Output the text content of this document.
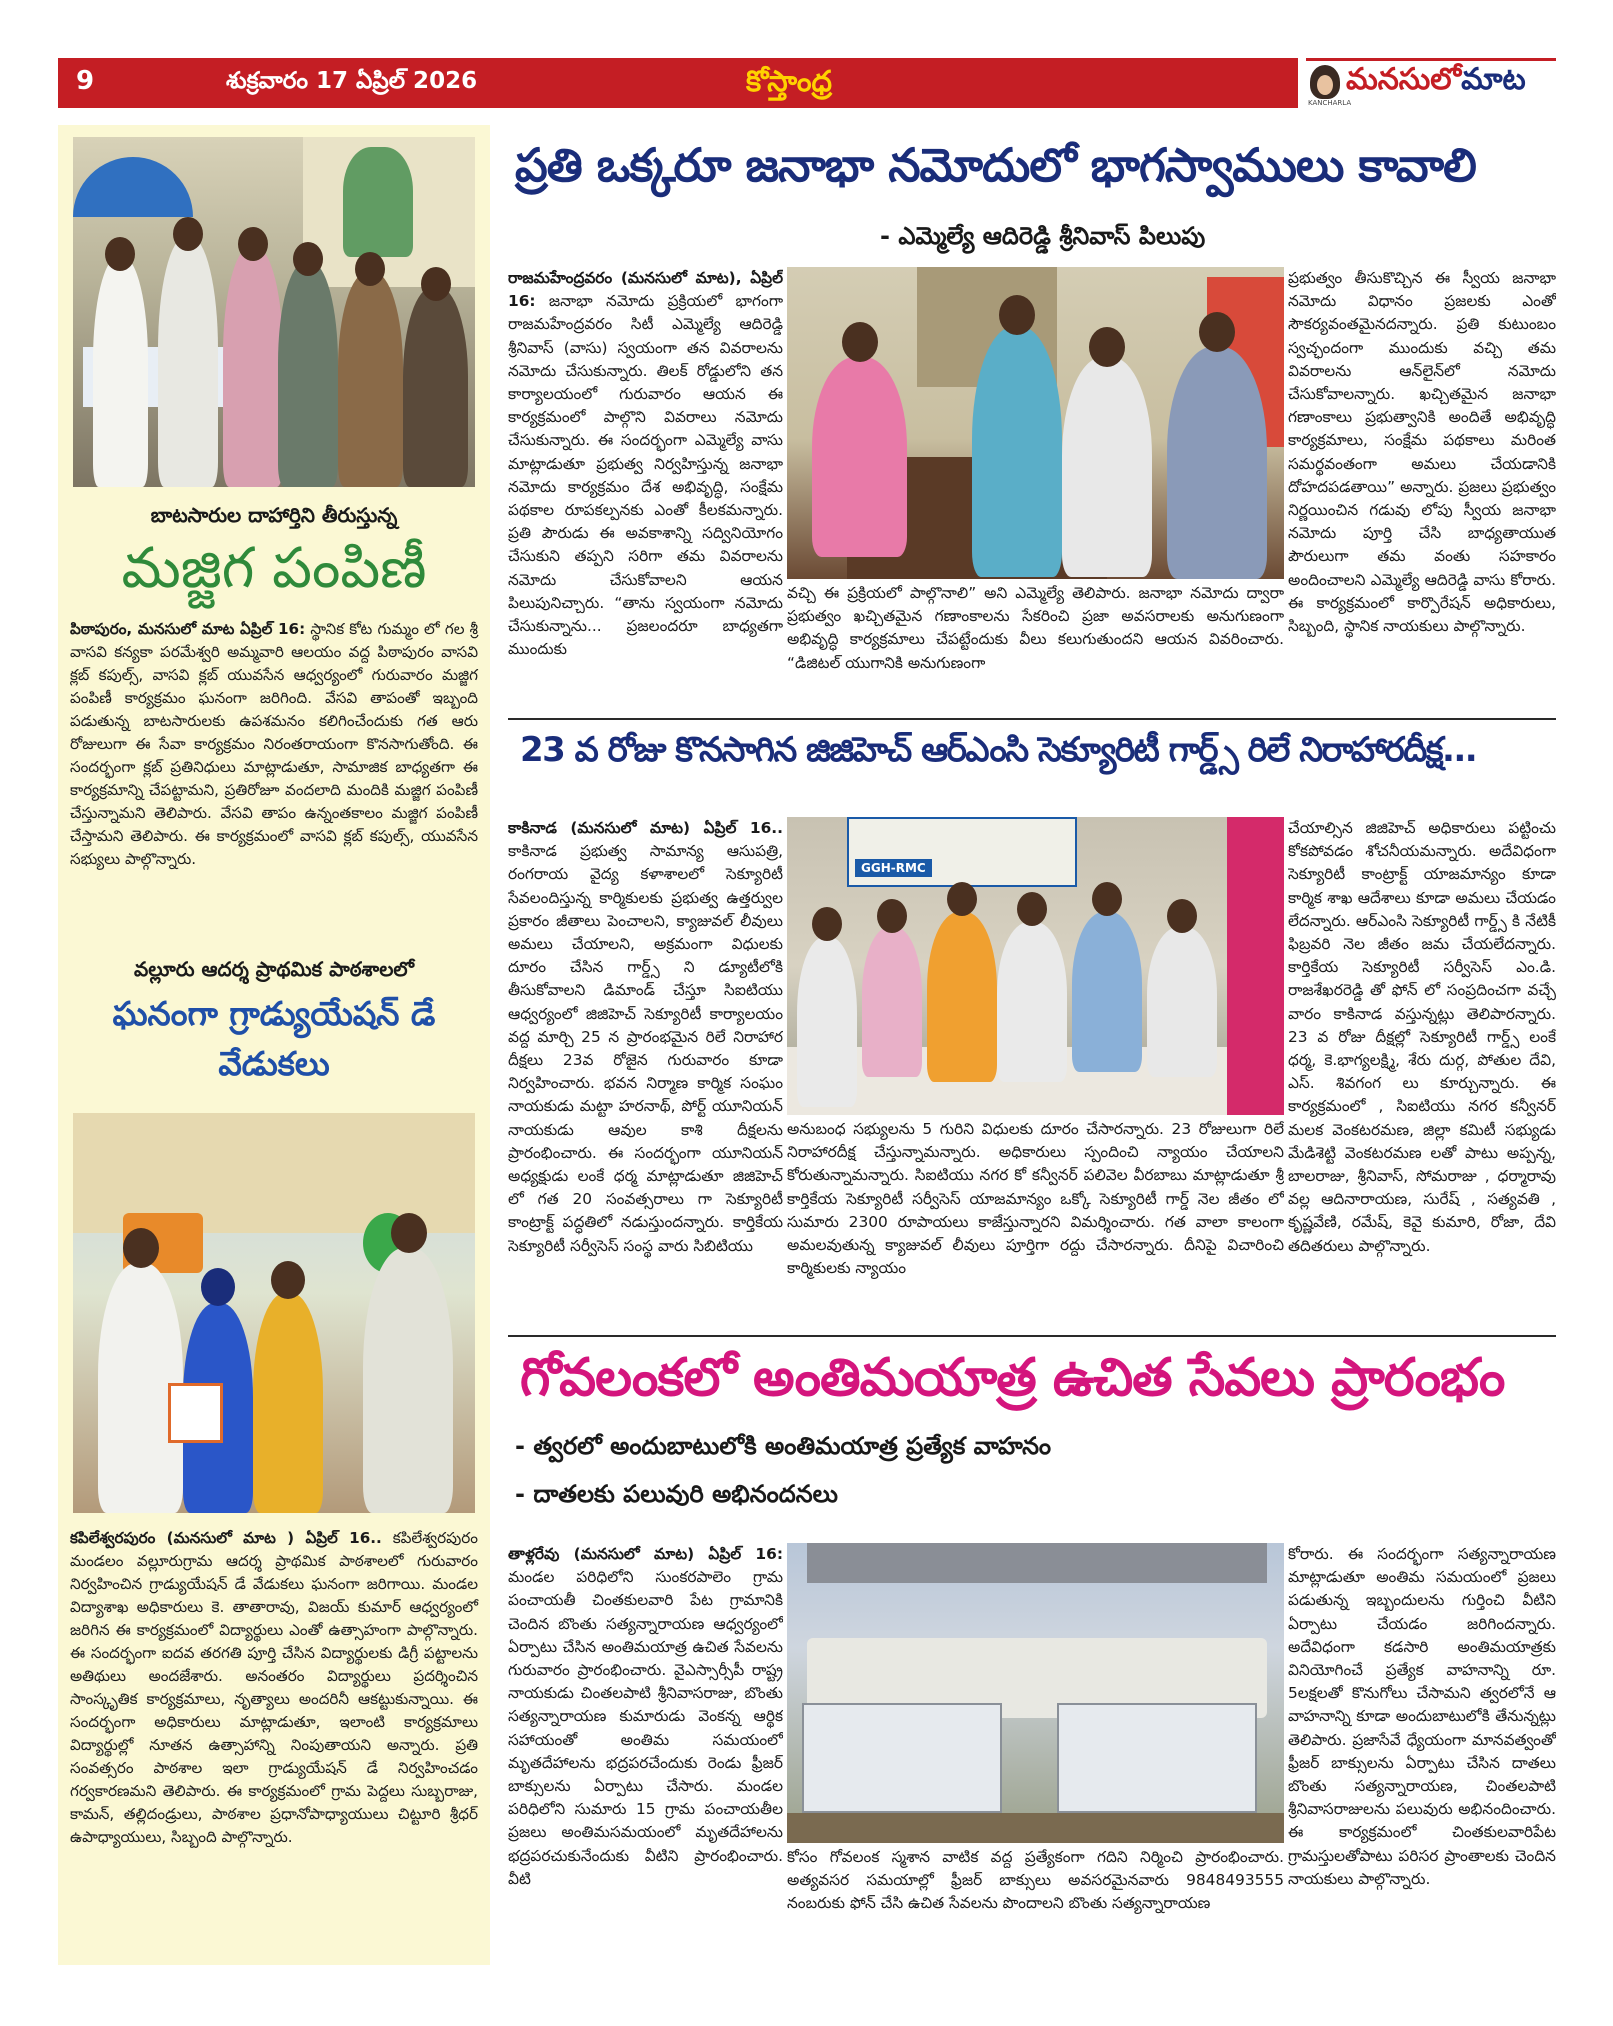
9	శుక్రవారం 17 ఏప్రిల్ 2026	కోస్తాంధ్ర
KANCHARLA
మనసులోమాట
బాటసారుల దాహార్తిని తీరుస్తున్న
మజ్జిగ పంపిణీ
పిఠాపురం, మనసులో మాట ఏప్రిల్ 16: స్థానిక కోట గుమ్మం లో గల శ్రీ వాసవి కన్యకా పరమేశ్వరి అమ్మవారి ఆలయం వద్ద పిఠాపురం వాసవి క్లబ్ కపుల్స్, వాసవి క్లబ్ యువసేన ఆధ్వర్యంలో గురువారం మజ్జిగ పంపిణీ కార్యక్రమం ఘనంగా జరిగింది. వేసవి తాపంతో ఇబ్బంది పడుతున్న బాటసారులకు ఉపశమనం కలిగించేందుకు గత ఆరు రోజులుగా ఈ సేవా కార్యక్రమం నిరంతరాయంగా కొనసాగుతోంది. ఈ సందర్భంగా క్లబ్ ప్రతినిధులు మాట్లాడుతూ, సామాజిక బాధ్యతగా ఈ కార్యక్రమాన్ని చేపట్టామని, ప్రతిరోజూ వందలాది మందికి మజ్జిగ పంపిణీ చేస్తున్నామని తెలిపారు. వేసవి తాపం ఉన్నంతకాలం మజ్జిగ పంపిణీ చేస్తామని తెలిపారు. ఈ కార్యక్రమంలో వాసవి క్లబ్ కపుల్స్, యువసేన సభ్యులు పాల్గొన్నారు.
వల్లూరు ఆదర్శ ప్రాథమిక పాఠశాలలో
ఘనంగా గ్రాడ్యుయేషన్ డే
వేడుకలు
కపిలేశ్వరపురం (మనసులో మాట ) ఏప్రిల్ 16.. కపిలేశ్వరపురం మండలం వల్లూరుగ్రామ ఆదర్శ ప్రాథమిక పాఠశాలలో గురువారం నిర్వహించిన గ్రాడ్యుయేషన్ డే వేడుకలు ఘనంగా జరిగాయి. మండల విద్యాశాఖ అధికారులు కె. తాతారావు, విజయ్ కుమార్ ఆధ్వర్యంలో జరిగిన ఈ కార్యక్రమంలో విద్యార్థులు ఎంతో ఉత్సాహంగా పాల్గొన్నారు. ఈ సందర్భంగా ఐదవ తరగతి పూర్తి చేసిన విద్యార్థులకు డిగ్రీ పట్టాలను అతిథులు అందజేశారు. అనంతరం విద్యార్థులు ప్రదర్శించిన సాంస్కృతిక కార్యక్రమాలు, నృత్యాలు అందరినీ ఆకట్టుకున్నాయి. ఈ సందర్భంగా అధికారులు మాట్లాడుతూ, ఇలాంటి కార్యక్రమాలు విద్యార్థుల్లో నూతన ఉత్సాహాన్ని నింపుతాయని అన్నారు. ప్రతి సంవత్సరం పాఠశాల ఇలా గ్రాడ్యుయేషన్ డే నిర్వహించడం గర్వకారణమని తెలిపారు. ఈ కార్యక్రమంలో గ్రామ పెద్దలు సుబ్బరాజు, కామన్, తల్లిదండ్రులు, పాఠశాల ప్రధానోపాధ్యాయులు చిట్టూరి శ్రీధర్ ఉపాధ్యాయులు, సిబ్బంది పాల్గొన్నారు.
ప్రతి ఒక్కరూ జనాభా నమోదులో భాగస్వాములు కావాలి
- ఎమ్మెల్యే ఆదిరెడ్డి శ్రీనివాస్ పిలుపు
రాజమహేంద్రవరం (మనసులో మాట), ఏప్రిల్ 16: జనాభా నమోదు ప్రక్రియలో భాగంగా రాజమహేంద్రవరం సిటీ ఎమ్మెల్యే ఆదిరెడ్డి శ్రీనివాస్ (వాసు) స్వయంగా తన వివరాలను నమోదు చేసుకున్నారు. తిలక్ రోడ్డులోని తన కార్యాలయంలో గురువారం ఆయన ఈ కార్యక్రమంలో పాల్గొని వివరాలు నమోదు చేసుకున్నారు. ఈ సందర్భంగా ఎమ్మెల్యే వాసు మాట్లాడుతూ ప్రభుత్వ నిర్వహిస్తున్న జనాభా నమోదు కార్యక్రమం దేశ అభివృద్ధి, సంక్షేమ పథకాల రూపకల్పనకు ఎంతో కీలకమన్నారు. ప్రతి పౌరుడు ఈ అవకాశాన్ని సద్వినియోగం చేసుకుని తప్పని సరిగా తమ వివరాలను నమోదు చేసుకోవాలని ఆయన పిలుపునిచ్చారు. “తాను స్వయంగా నమోదు చేసుకున్నాను... ప్రజలందరూ బాధ్యతగా ముందుకు
వచ్చి ఈ ప్రక్రియలో పాల్గొనాలి” అని ఎమ్మెల్యే తెలిపారు. జనాభా నమోదు ద్వారా ప్రభుత్వం ఖచ్చితమైన గణాంకాలను సేకరించి ప్రజా అవసరాలకు అనుగుణంగా అభివృద్ధి కార్యక్రమాలు చేపట్టేందుకు వీలు కలుగుతుందని ఆయన వివరించారు. “డిజిటల్ యుగానికి అనుగుణంగా
ప్రభుత్వం తీసుకొచ్చిన ఈ స్వీయ జనాభా నమోదు విధానం ప్రజలకు ఎంతో సౌకర్యవంతమైనదన్నారు. ప్రతి కుటుంబం స్వచ్ఛందంగా ముందుకు వచ్చి తమ వివరాలను ఆన్‌లైన్‌లో నమోదు చేసుకోవాలన్నారు. ఖచ్చితమైన జనాభా గణాంకాలు ప్రభుత్వానికి అందితే అభివృద్ధి కార్యక్రమాలు, సంక్షేమ పథకాలు మరింత సమర్థవంతంగా అమలు చేయడానికి దోహదపడతాయి” అన్నారు. ప్రజలు ప్రభుత్వం నిర్ణయించిన గడువు లోపు స్వీయ జనాభా నమోదు పూర్తి చేసి బాధ్యతాయుత పౌరులుగా తమ వంతు సహకారం అందించాలని ఎమ్మెల్యే ఆదిరెడ్డి వాసు కోరారు. ఈ కార్యక్రమంలో కార్పొరేషన్ అధికారులు, సిబ్బంది, స్థానిక నాయకులు పాల్గొన్నారు.
23 వ రోజు కొనసాగిన జిజిహెచ్ ఆర్ఎంసి సెక్యూరిటీ గార్డ్స్ రిలే నిరాహారదీక్ష...
కాకినాడ (మనసులో మాట) ఏప్రిల్ 16.. కాకినాడ ప్రభుత్వ సామాన్య ఆసుపత్రి, రంగరాయ వైద్య కళాశాలలో సెక్యూరిటీ సేవలందిస్తున్న కార్మికులకు ప్రభుత్వ ఉత్తర్వుల ప్రకారం జీతాలు పెంచాలని, క్యాజువల్ లీవులు అమలు చేయాలని, అక్రమంగా విధులకు దూరం చేసిన గార్డ్స్ ని డ్యూటీలోకి తీసుకోవాలని డిమాండ్ చేస్తూ సిఐటియు ఆధ్వర్యంలో జిజిహెచ్ సెక్యూరిటీ కార్యాలయం వద్ద మార్చి 25 న ప్రారంభమైన రిలే నిరాహార దీక్షలు 23వ రోజైన గురువారం కూడా నిర్వహించారు. భవన నిర్మాణ కార్మిక సంఘం నాయకుడు మట్టా హరనాథ్, పోర్ట్ యూనియన్ నాయకుడు ఆవుల కాశి దీక్షలను ప్రారంభించారు. ఈ సందర్భంగా యూనియన్ అధ్యక్షుడు లంకే ధర్మ మాట్లాడుతూ జిజిహెచ్ లో గత 20 సంవత్సరాలు గా సెక్యూరిటీ కాంట్రాక్ట్ పద్ధతిలో నడుస్తుందన్నారు. కార్తికేయ సెక్యూరిటీ సర్వీసెస్ సంస్థ వారు సిబిటియు
GGH-RMC
అనుబంధ సభ్యులను 5 గురిని విధులకు దూరం చేసారన్నారు. 23 రోజులుగా రిలే నిరాహారదీక్ష చేస్తున్నామన్నారు. అధికారులు స్పందించి న్యాయం చేయాలని కోరుతున్నామన్నారు. సిఐటియు నగర కో కన్వీనర్ పలివెల వీరబాబు మాట్లాడుతూ శ్రీ కార్తికేయ సెక్యూరిటీ సర్వీసెస్ యాజమాన్యం ఒక్కో సెక్యూరిటీ గార్డ్ నెల జీతం లో సుమారు 2300 రూపాయలు కాజేస్తున్నారని విమర్శించారు. గత వాలా కాలంగా అమలవుతున్న క్యాజువల్ లీవులు పూర్తిగా రద్దు చేసారన్నారు. దీనిపై విచారించి కార్మికులకు న్యాయం
చేయాల్సిన జిజిహెచ్ అధికారులు పట్టించు కోకపోవడం శోచనీయమన్నారు. అదేవిధంగా సెక్యూరిటీ కాంట్రాక్ట్ యాజమాన్యం కూడా కార్మిక శాఖ ఆదేశాలు కూడా అమలు చేయడం లేదన్నారు. ఆర్ఎంసి సెక్యూరిటీ గార్డ్స్ కి నేటికీ ఫిబ్రవరి నెల జీతం జమ చేయలేదన్నారు. కార్తికేయ సెక్యూరిటీ సర్వీసెస్ ఎం.డి. రాజశేఖరరెడ్డి తో ఫోన్ లో సంప్రదించగా వచ్చే వారం కాకినాడ వస్తున్నట్లు తెలిపారన్నారు. 23 వ రోజు దీక్షల్లో సెక్యూరిటీ గార్డ్స్ లంకే ధర్మ, కె.భాగ్యలక్ష్మి, శేరు దుర్గ, పోతుల దేవి, ఎస్. శివగంగ లు కూర్చున్నారు. ఈ కార్యక్రమంలో , సిఐటియు నగర కన్వీనర్ మలక వెంకటరమణ, జిల్లా కమిటీ సభ్యుడు మేడిశెట్టి వెంకటరమణ లతో పాటు అప్పన్న, బాలరాజు, శ్రీనివాస్, సోమరాజు , ధర్మారావు వల్ల ఆదినారాయణ, సురేష్ , సత్యవతి , కృష్ణవేణి, రమేష్, కెవై కుమారి, రోజా, దేవి తదితరులు పాల్గొన్నారు.
గోవలంకలో అంతిమయాత్ర ఉచిత సేవలు ప్రారంభం
- త్వరలో అందుబాటులోకి అంతిమయాత్ర ప్రత్యేక వాహనం
- దాతలకు పలువురి అభినందనలు
తాళ్లరేవు (మనసులో మాట) ఏప్రిల్ 16: మండల పరిధిలోని సుంకరపాలెం గ్రామ పంచాయతీ చింతకులవారి పేట గ్రామానికి చెందిన బొంతు సత్యన్నారాయణ ఆధ్వర్యంలో ఏర్పాటు చేసిన అంతిమయాత్ర ఉచిత సేవలను గురువారం ప్రారంభించారు. వైఎస్సార్సీపీ రాష్ట్ర నాయకుడు చింతలపాటి శ్రీనివాసరాజు, బొంతు సత్యన్నారాయణ కుమారుడు వెంకన్న ఆర్థిక సహాయంతో అంతిమ సమయంలో మృతదేహాలను భద్రపరచేందుకు రెండు ఫ్రీజర్ బాక్సులను ఏర్పాటు చేసారు. మండల పరిధిలోని సుమారు 15 గ్రామ పంచాయతీల ప్రజలు అంతిమసమయంలో మృతదేహాలను భద్రపరచుకునేందుకు వీటిని ప్రారంభించారు. వీటి
కోసం గోవలంక స్మశాన వాటిక వద్ద ప్రత్యేకంగా గదిని నిర్మించి ప్రారంభించారు. అత్యవసర సమయాల్లో ఫ్రీజర్ బాక్సులు అవసరమైనవారు 9848493555 నంబరుకు ఫోన్ చేసి ఉచిత సేవలను పొందాలని బొంతు సత్యన్నారాయణ
కోరారు. ఈ సందర్భంగా సత్యన్నారాయణ మాట్లాడుతూ అంతిమ సమయంలో ప్రజలు పడుతున్న ఇబ్బందులను గుర్తించి వీటిని ఏర్పాటు చేయడం జరిగిందన్నారు. అదేవిధంగా కడసారి అంతిమయాత్రకు వినియోగించే ప్రత్యేక వాహనాన్ని రూ. 5లక్షలతో కొనుగోలు చేసామని త్వరలోనే ఆ వాహనాన్ని కూడా అందుబాటులోకి తేనున్నట్లు తెలిపారు. ప్రజాసేవే ధ్యేయంగా మానవత్వంతో ఫ్రీజర్ బాక్సులను ఏర్పాటు చేసిన దాతలు బొంతు సత్యన్నారాయణ, చింతలపాటి శ్రీనివాసరాజులను పలువురు అభినందించారు. ఈ కార్యక్రమంలో చింతకులవారిపేట గ్రామస్తులతోపాటు పరిసర ప్రాంతాలకు చెందిన నాయకులు పాల్గొన్నారు.
